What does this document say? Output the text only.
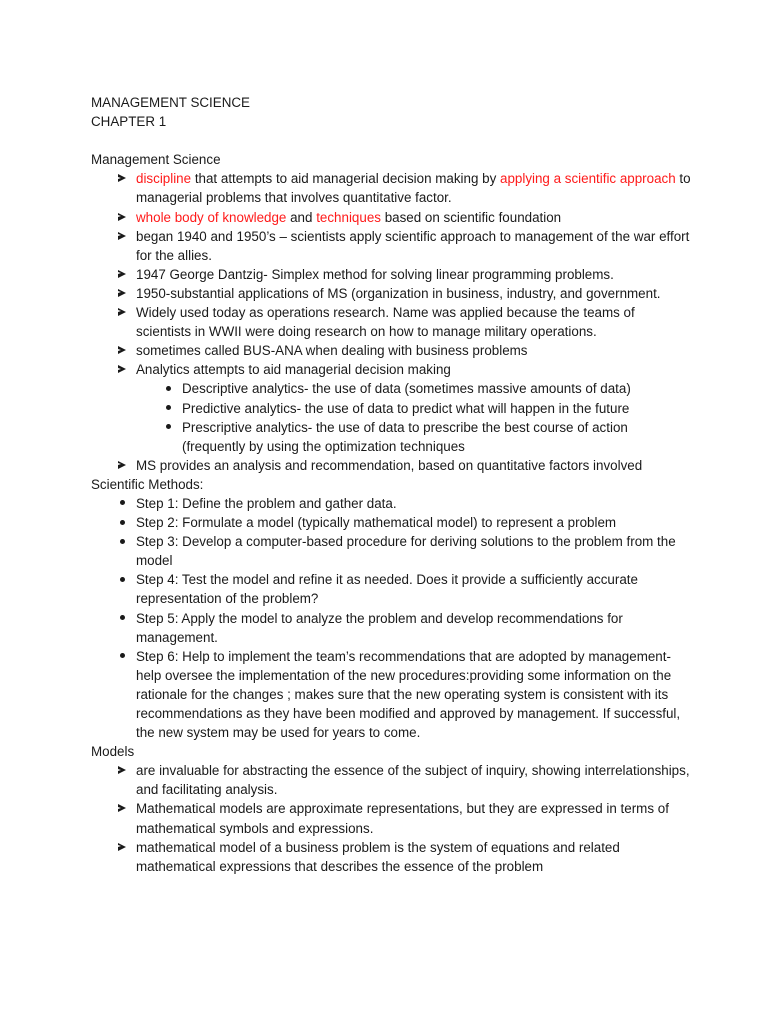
MANAGEMENT SCIENCE

CHAPTER 1

Management Science

discipline that attempts to aid managerial decision making by applying a scientific approach to managerial problems that involves quantitative factor.
whole body of knowledge and techniques based on scientific foundation
began 1940 and 1950’s – scientists apply scientific approach to management of the war effort for the allies.
1947 George Dantzig- Simplex method for solving linear programming problems.
1950-substantial applications of MS (organization in business, industry, and government.
Widely used today as operations research. Name was applied because the teams of scientists in WWII were doing research on how to manage military operations.
sometimes called BUS-ANA when dealing with business problems
Analytics attempts to aid managerial decision making
Descriptive analytics- the use of data (sometimes massive amounts of data)
Predictive analytics- the use of data to predict what will happen in the future
Prescriptive analytics- the use of data to prescribe the best course of action (frequently by using the optimization techniques
MS provides an analysis and recommendation, based on quantitative factors involved

Scientific Methods:

Step 1: Define the problem and gather data.
Step 2: Formulate a model (typically mathematical model) to represent a problem
Step 3: Develop a computer-based procedure for deriving solutions to the problem from the model
Step 4: Test the model and refine it as needed. Does it provide a sufficiently accurate representation of the problem?
Step 5: Apply the model to analyze the problem and develop recommendations for management.
Step 6: Help to implement the team’s recommendations that are adopted by management-help oversee the implementation of the new procedures:providing some information on the rationale for the changes ; makes sure that the new operating system is consistent with its recommendations as they have been modified and approved by management. If successful, the new system may be used for years to come.

Models

are invaluable for abstracting the essence of the subject of inquiry, showing interrelationships, and facilitating analysis.
Mathematical models are approximate representations, but they are expressed in terms of mathematical symbols and expressions.
mathematical model of a business problem is the system of equations and related mathematical expressions that describes the essence of the problem
